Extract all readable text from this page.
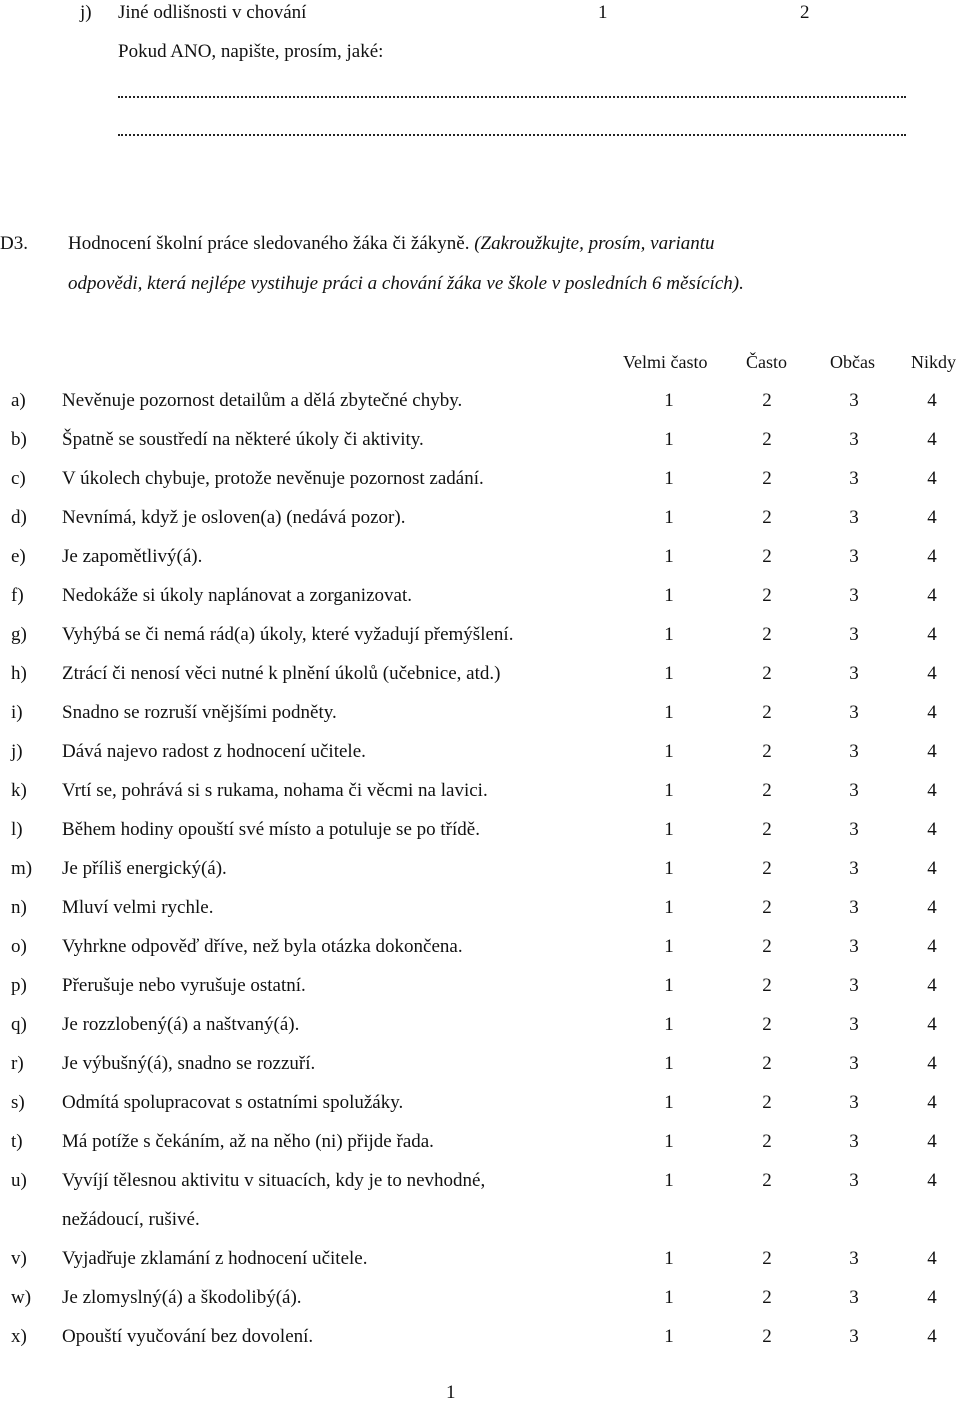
j) Jiné odlišnosti v chování	1	2
Pokud ANO, napište, prosím, jaké:
D3. Hodnocení školní práce sledovaného žáka či žákyně. (Zakroužkujte, prosím, variantu
odpovědi, která nejlépe vystihuje práci a chování žáka ve škole v posledních 6 měsících).
Velmi často Často Občas Nikdy
a) Nevěnuje pozornost detailům a dělá zbytečné chyby.	1	2	3	4
b) Špatně se soustředí na některé úkoly či aktivity.	1	2	3	4
c) V úkolech chybuje, protože nevěnuje pozornost zadání.	1	2	3	4
d) Nevnímá, když je osloven(a) (nedává pozor).	1	2	3	4
e) Je zapomětlivý(á).	1	2	3	4
f) Nedokáže si úkoly naplánovat a zorganizovat.	1	2	3	4
g) Vyhýbá se či nemá rád(a) úkoly, které vyžadují přemýšlení.	1	2	3	4
h) Ztrácí či nenosí věci nutné k plnění úkolů (učebnice, atd.)	1	2	3	4
i) Snadno se rozruší vnějšími podněty.	1	2	3	4
j) Dává najevo radost z hodnocení učitele.	1	2	3	4
k) Vrtí se, pohrává si s rukama, nohama či věcmi na lavici.	1	2	3	4
l) Během hodiny opouští své místo a potuluje se po třídě.	1	2	3	4
m) Je příliš energický(á).	1	2	3	4
n) Mluví velmi rychle.	1	2	3	4
o) Vyhrkne odpověď dříve, než byla otázka dokončena.	1	2	3	4
p) Přerušuje nebo vyrušuje ostatní.	1	2	3	4
q) Je rozzlobený(á) a naštvaný(á).	1	2	3	4
r) Je výbušný(á), snadno se rozzuří.	1	2	3	4
s) Odmítá spolupracovat s ostatními spolužáky.	1	2	3	4
t) Má potíže s čekáním, až na něho (ni) přijde řada.	1	2	3	4
u) Vyvíjí tělesnou aktivitu v situacích, kdy je to nevhodné,
nežádoucí, rušivé.
1	2	3	4
v) Vyjadřuje zklamání z hodnocení učitele.	1	2	3	4
w) Je zlomyslný(á) a škodolibý(á).	1	2	3	4
x) Opouští vyučování bez dovolení.	1	2	3	4
1
